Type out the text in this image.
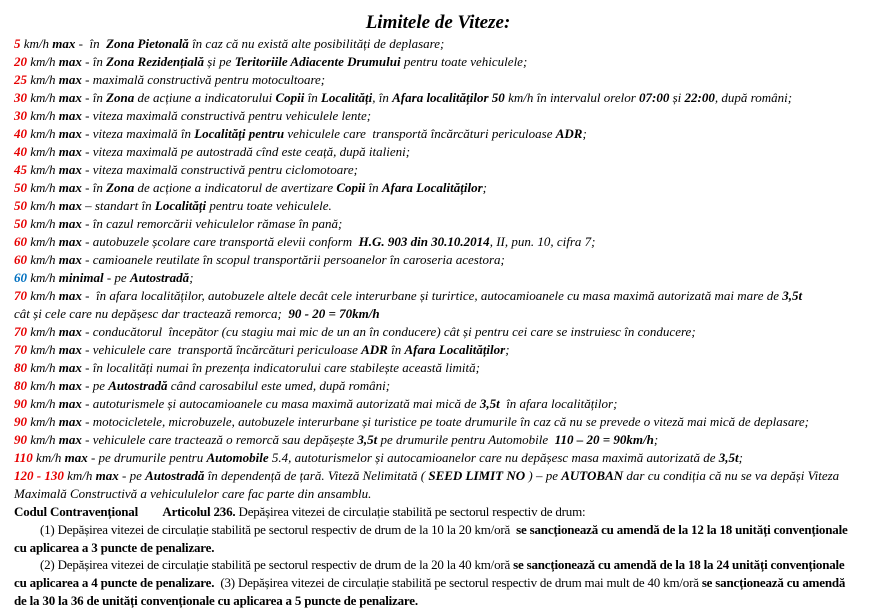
Limitele de Viteze:
5 km/h max -  în  Zona Pietonală în caz că nu există alte posibilități de deplasare;
20 km/h max - în Zona Rezidențială și pe Teritoriile Adiacente Drumului pentru toate vehiculele;
25 km/h max - maximală constructivă pentru motocultoare;
30 km/h max - în Zona de acțiune a indicatorului Copii în Localități, în Afara localităților 50 km/h în intervalul orelor 07:00 și 22:00, după români;
30 km/h max - viteza maximală constructivă pentru vehiculele lente;
40 km/h max - viteza maximală în Localități pentru vehiculele care  transportă încărcături periculoase ADR;
40 km/h max - viteza maximală pe autostradă cînd este ceață, după italieni;
45 km/h max - viteza maximală constructivă pentru ciclomotoare;
50 km/h max - în Zona de acțione a indicatorul de avertizare Copii în Afara Localităților;
50 km/h max – standart în Localități pentru toate vehiculele.
50 km/h max - în cazul remorcării vehiculelor rămase în pană;
60 km/h max - autobuzele școlare care transportă elevii conform  H.G. 903 din 30.10.2014, II, pun. 10, cifra 7;
60 km/h max - camioanele reutilate în scopul transportării persoanelor în caroseria acestora;
60 km/h minimal - pe Autostradă;
70 km/h max -  în afara localităților, autobuzele altele decât cele interurbane și turirtice, autocamioanele cu masa maximă autorizată mai mare de 3,5t
cât și cele care nu depășesc dar tractează remorca;  90 - 20 = 70km/h
70 km/h max - conducătorul  începător (cu stagiu mai mic de un an în conducere) cât și pentru cei care se instruiesc în conducere;
70 km/h max - vehiculele care  transportă încărcături periculoase ADR în Afara Localităților;
80 km/h max - în localități numai în prezența indicatorului care stabilește această limită;
80 km/h max - pe Autostradă când carosabilul este umed, după români;
90 km/h max - autoturismele și autocamioanele cu masa maximă autorizată mai mică de 3,5t  în afara localităților;
90 km/h max - motocicletele, microbuzele, autobuzele interurbane și turistice pe toate drumurile în caz că nu se prevede o viteză mai mică de deplasare;
90 km/h max - vehiculele care tractează o remorcă sau depășește 3,5t pe drumurile pentru Automobile  110 – 20 = 90km/h;
110 km/h max - pe drumurile pentru Automobile 5.4, autoturismelor și autocamioanelor care nu depășesc masa maximă autorizată de 3,5t;
120 - 130 km/h max - pe Autostradă în dependență de țară. Viteză Nelimitată ( SEED LIMIT NO ) – pe AUTOBAN dar cu condiția că nu se va depăși Viteza
Maximală Constructivă a vehicululelor care fac parte din ansamblu.
Codul Contravențional Articolul 236. Depășirea vitezei de circulație stabilită pe sectorul respectiv de drum:
(1) Depășirea vitezei de circulație stabilită pe sectorul respectiv de drum de la 10 la 20 km/oră  se sancționează cu amendă de la 12 la 18 unități convenționale
cu aplicarea a 3 puncte de penalizare.
(2) Depășirea vitezei de circulație stabilită pe sectorul respectiv de drum de la 20 la 40 km/oră se sancționează cu amendă de la 18 la 24 unități convenționale
cu aplicarea a 4 puncte de penalizare.  (3) Depășirea vitezei de circulație stabilită pe sectorul respectiv de drum mai mult de 40 km/oră se sancționează cu amendă
de la 30 la 36 de unități convenționale cu aplicarea a 5 puncte de penalizare.
